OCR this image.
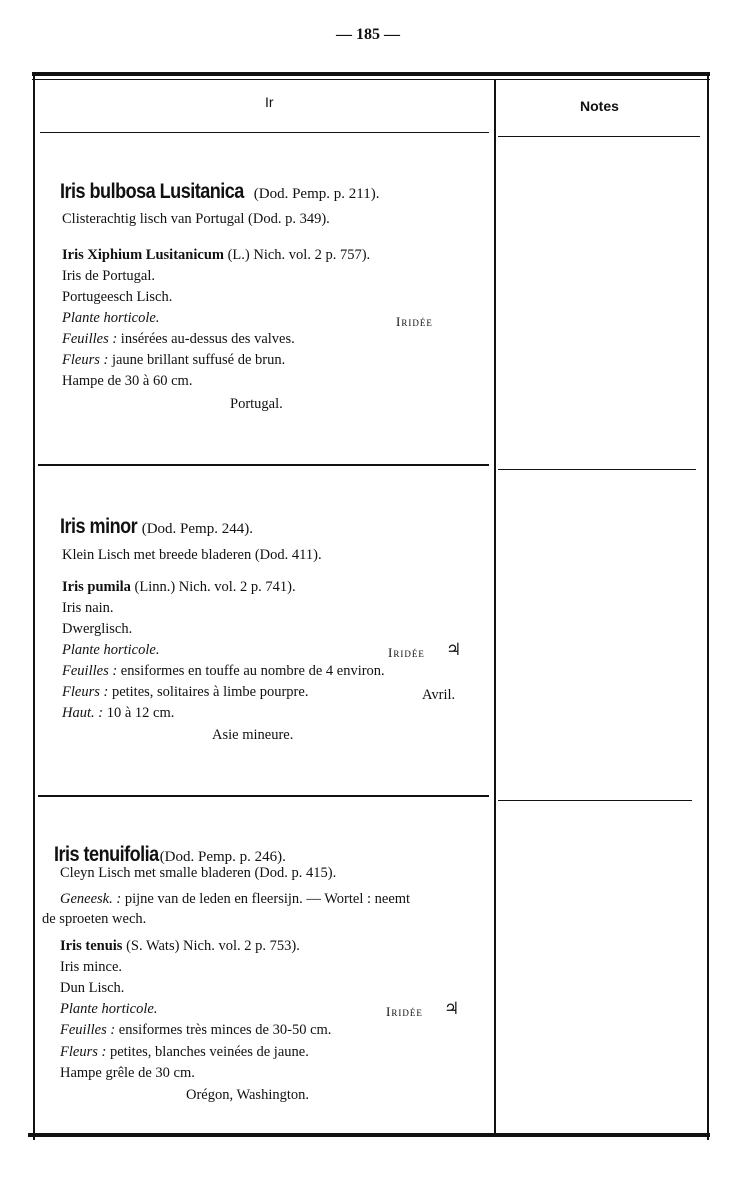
— 185 —
Ir	Notes
Iris bulbosa Lusitanica (Dod. Pemp. p. 211).
Clisterachtig lisch van Portugal (Dod. p. 349).
Iris Xiphium Lusitanicum (L.) Nich. vol. 2 p. 757).
Iris de Portugal.
Portugeesch Lisch.
Plante horticole.	Iridée
Feuilles : insérées au-dessus des valves.
Fleurs : jaune brillant suffusé de brun.
Hampe de 30 à 60 cm.
Portugal.
Iris minor (Dod. Pemp. 244).
Klein Lisch met breede bladeren (Dod. 411).
Iris pumila (Linn.) Nich. vol. 2 p. 741).
Iris nain.
Dwerglisch.
Plante horticole.	Iridée ♃
Feuilles : ensiformes en touffe au nombre de 4 environ.
Fleurs : petites, solitaires à limbe pourpre.	Avril.
Haut. : 10 à 12 cm.
Asie mineure.
Iris tenuifolia(Dod. Pemp. p. 246).
Cleyn Lisch met smalle bladeren (Dod. p. 415).
Geneesk. : pijne van de leden en fleersijn. — Wortel : neemt
de sproeten wech.
Iris tenuis (S. Wats) Nich. vol. 2 p. 753).
Iris mince.
Dun Lisch.
Plante horticole.	Iridée ♃
Feuilles : ensiformes très minces de 30-50 cm.
Fleurs : petites, blanches veinées de jaune.
Hampe grêle de 30 cm.
Orégon, Washington.
